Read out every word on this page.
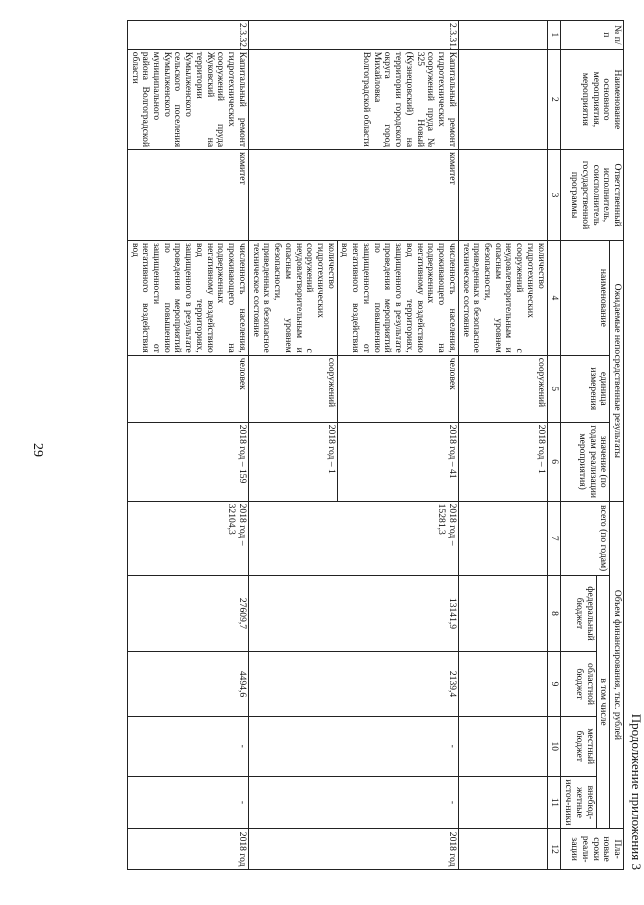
29
Продолжение приложения 3
№ п/п	Наименование основного мероприятия, мероприятия	Ответственный исполнитель, соисполнитель государственной программы	Ожидаемые непосредственные результаты			Объем финансирования, тыс. рублей					Пла-новые сроки реали-зации
			наименование	единица измерения	значение (по годам реализации мероприятия)	всего (по годам)	в том числе				
							федеральный бюджет	областной бюджет	местный бюджет	внебюд-жетные источ-ники	
1	2	3	4	5	6	7	8	9	10	11	12
			количество гидротехнических сооружений с неудовлетворительным и опасным уровнем безопасности, приведенных в безопасное техническое состояние	сооружений	2018 год – 1						
2.3.31.	Капитальный ремонт гидротехнических сооружений пруда № 325 Новый (Кузнецовский) на территории городского округа город Михайловка Волгоградской области	комитет	численность населения, проживающего на подверженных негативному воздействию вод территориях, защищенного в результате проведения мероприятий по повышению защищенности от негативного воздействия вод	человек	2018 год – 41	2018 год – 15281,3	13141,9	2139,4	-	-	2018 год
			количество гидротехнических сооружений с неудовлетворительным и опасным уровнем безопасности, приведенных в безопасное техническое состояние	сооружений	2018 год – 1						
2.3.32.	Капитальный ремонт гидротехнических сооружений пруда Жуковский на территории Кумылженского сельского поселения Кумылженского муниципального района Волгоградской области	комитет	численность населения, проживающего на подверженных негативному воздействию вод территориях, защищенного в результате проведения мероприятий по повышению защищенности от негативного воздействия вод	человек	2018 год – 159	2018 год – 32104,3	27609,7	4494,6	-	-	2018 год
